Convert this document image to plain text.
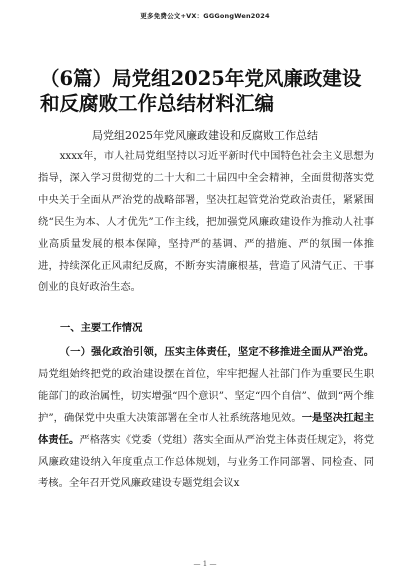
更多免费公文+VX：GGGongWen2024
（6篇）局党组2025年党风廉政建设和反腐败工作总结材料汇编

局党组2025年党风廉政建设和反腐败工作总结

xxxx年，市人社局党组坚持以习近平新时代中国特色社会主义思想为指导，深入学习贯彻党的二十大和二十届四中全会精神，全面贯彻落实党中央关于全面从严治党的战略部署，坚决扛起管党治党政治责任，紧紧围绕“民生为本、人才优先”工作主线，把加强党风廉政建设作为推动人社事业高质量发展的根本保障，坚持严的基调、严的措施、严的氛围一体推进，持续深化正风肃纪反腐，不断夯实清廉根基，营造了风清气正、干事创业的良好政治生态。

一、主要工作情况

（一）强化政治引领，压实主体责任，坚定不移推进全面从严治党。局党组始终把党的政治建设摆在首位，牢牢把握人社部门作为重要民生职能部门的政治属性，切实增强“四个意识”、坚定“四个自信”、做到“两个维护”，确保党中央重大决策部署在全市人社系统落地见效。一是坚决扛起主体责任。严格落实《党委（党组）落实全面从严治党主体责任规定》，将党风廉政建设纳入年度重点工作总体规划，与业务工作同部署、同检查、同考核。全年召开党风廉政建设专题党组会议x

— 1 —
